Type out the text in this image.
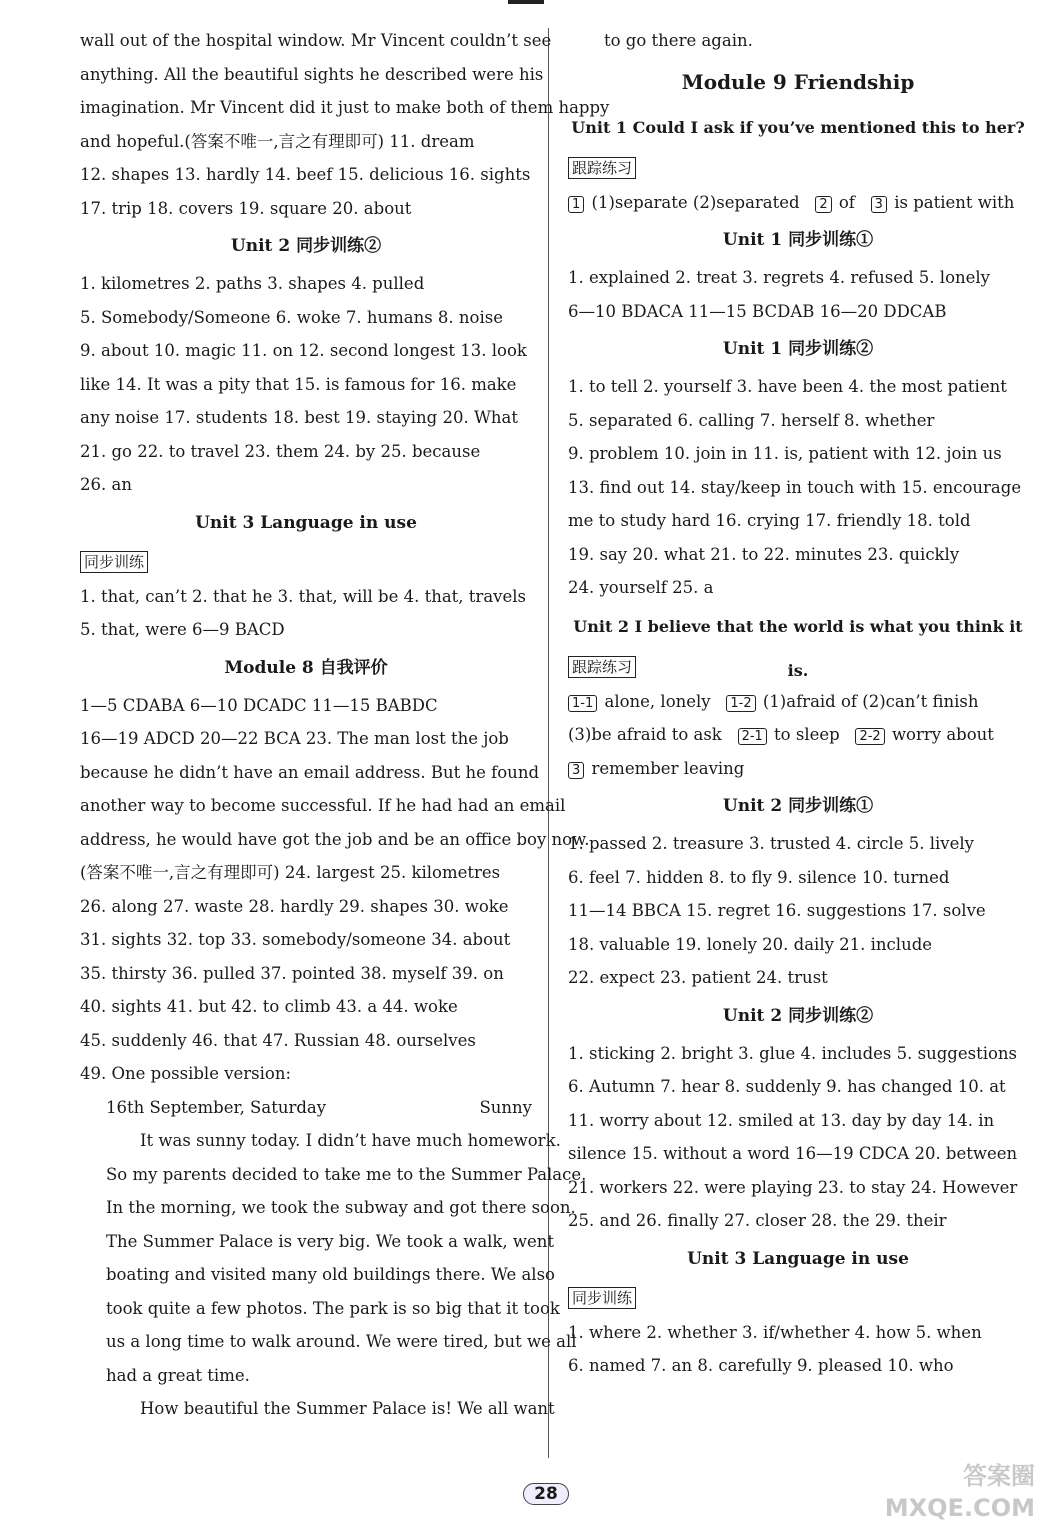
wall out of the hospital window. Mr Vincent couldn’t see
anything. All the beautiful sights he described were his
imagination. Mr Vincent did it just to make both of them happy
and hopeful.(答案不唯一,言之有理即可) 11. dream
12. shapes 13. hardly 14. beef 15. delicious 16. sights
17. trip 18. covers 19. square 20. about
Unit 2 同步训练②
1. kilometres 2. paths 3. shapes 4. pulled
5. Somebody/Someone 6. woke 7. humans 8. noise
9. about 10. magic 11. on 12. second longest 13. look
like 14. It was a pity that 15. is famous for 16. make
any noise 17. students 18. best 19. staying 20. What
21. go 22. to travel 23. them 24. by 25. because
26. an
Unit 3 Language in use
同步训练
1. that, can’t 2. that he 3. that, will be 4. that, travels
5. that, were 6—9 BACD
Module 8 自我评价
1—5 CDABA 6—10 DCADC 11—15 BABDC
16—19 ADCD 20—22 BCA 23. The man lost the job
because he didn’t have an email address. But he found
another way to become successful. If he had had an email
address, he would have got the job and be an office boy now.
(答案不唯一,言之有理即可) 24. largest 25. kilometres
26. along 27. waste 28. hardly 29. shapes 30. woke
31. sights 32. top 33. somebody/someone 34. about
35. thirsty 36. pulled 37. pointed 38. myself 39. on
40. sights 41. but 42. to climb 43. a 44. woke
45. suddenly 46. that 47. Russian 48. ourselves
49. One possible version:
16th September, Saturday	Sunny
It was sunny today. I didn’t have much homework.
So my parents decided to take me to the Summer Palace.
In the morning, we took the subway and got there soon.
The Summer Palace is very big. We took a walk, went
boating and visited many old buildings there. We also
took quite a few photos. The park is so big that it took
us a long time to walk around. We were tired, but we all
had a great time.
How beautiful the Summer Palace is! We all want
to go there again.
Module 9 Friendship
Unit 1 Could I ask if you’ve mentioned this to her?
跟踪练习
1 (1)separate (2)separated 2 of 3 is patient with
Unit 1 同步训练①
1. explained 2. treat 3. regrets 4. refused 5. lonely
6—10 BDACA 11—15 BCDAB 16—20 DDCAB
Unit 1 同步训练②
1. to tell 2. yourself 3. have been 4. the most patient
5. separated 6. calling 7. herself 8. whether
9. problem 10. join in 11. is, patient with 12. join us
13. find out 14. stay/keep in touch with 15. encourage
me to study hard 16. crying 17. friendly 18. told
19. say 20. what 21. to 22. minutes 23. quickly
24. yourself 25. a
Unit 2 I believe that the world is what you think it is.
跟踪练习
1-1 alone, lonely 1-2 (1)afraid of (2)can’t finish
(3)be afraid to ask 2-1 to sleep 2-2 worry about
3 remember leaving
Unit 2 同步训练①
1. passed 2. treasure 3. trusted 4. circle 5. lively
6. feel 7. hidden 8. to fly 9. silence 10. turned
11—14 BBCA 15. regret 16. suggestions 17. solve
18. valuable 19. lonely 20. daily 21. include
22. expect 23. patient 24. trust
Unit 2 同步训练②
1. sticking 2. bright 3. glue 4. includes 5. suggestions
6. Autumn 7. hear 8. suddenly 9. has changed 10. at
11. worry about 12. smiled at 13. day by day 14. in
silence 15. without a word 16—19 CDCA 20. between
21. workers 22. were playing 23. to stay 24. However
25. and 26. finally 27. closer 28. the 29. their
Unit 3 Language in use
同步训练
1. where 2. whether 3. if/whether 4. how 5. when
6. named 7. an 8. carefully 9. pleased 10. who
28
答案圈
MXQE.COM
